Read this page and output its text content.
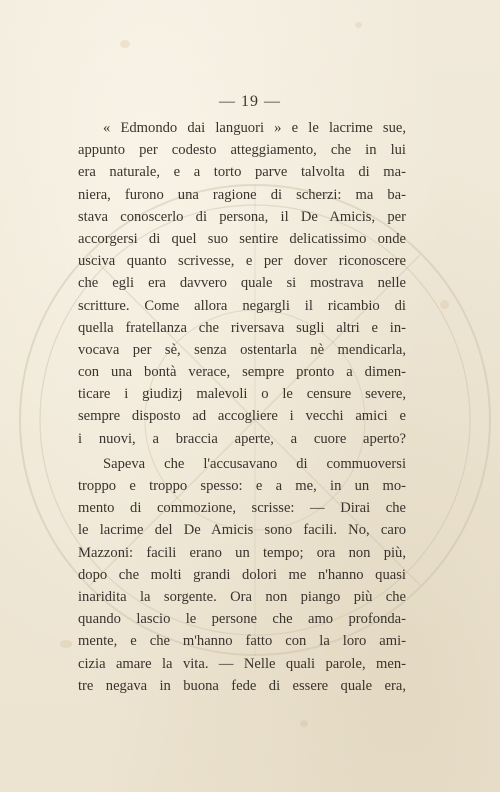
— 19 —
« Edmondo dai languori » e le lacrime sue,
appunto per codesto atteggiamento, che in lui
era naturale, e a torto parve talvolta di ma-
niera, furono una ragione di scherzi: ma ba-
stava conoscerlo di persona, il De Amicis, per
accorgersi di quel suo sentire delicatissimo onde
usciva quanto scrivesse, e per dover riconoscere
che egli era davvero quale si mostrava nelle
scritture. Come allora negargli il ricambio di
quella fratellanza che riversava sugli altri e in-
vocava per sè, senza ostentarla nè mendicarla,
con una bontà verace, sempre pronto a dimen-
ticare i giudizj malevoli o le censure severe,
sempre disposto ad accogliere i vecchi amici e
i nuovi, a braccia aperte, a cuore aperto?
Sapeva che l'accusavano di commuoversi
troppo e troppo spesso: e a me, in un mo-
mento di commozione, scrisse: — Dirai che
le lacrime del De Amicis sono facili. No, caro
Mazzoni: facili erano un tempo; ora non più,
dopo che molti grandi dolori me n'hanno quasi
inaridita la sorgente. Ora non piango più che
quando lascio le persone che amo profonda-
mente, e che m'hanno fatto con la loro ami-
cizia amare la vita. — Nelle quali parole, men-
tre negava in buona fede di essere quale era,
